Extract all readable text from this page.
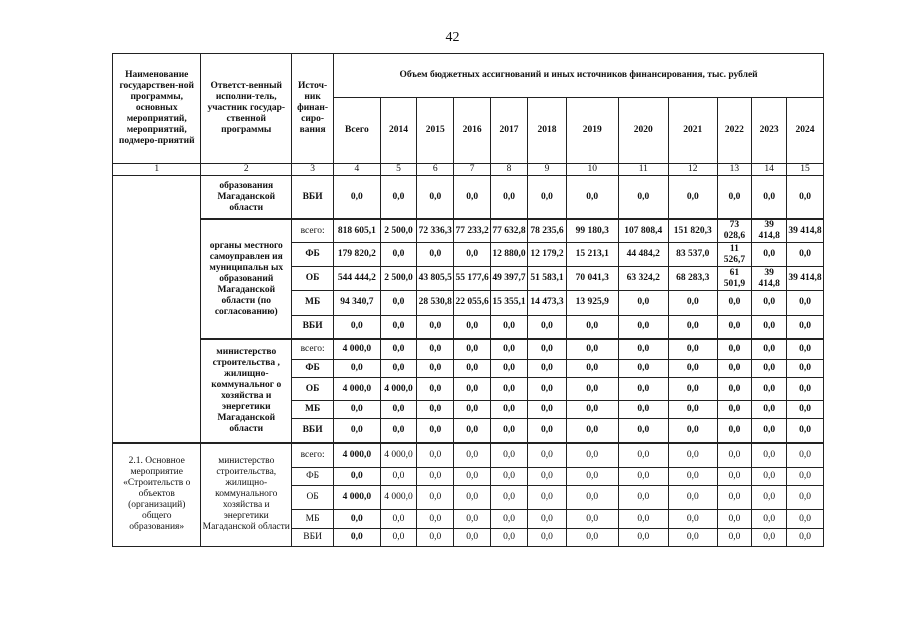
42
Наименование государствен-ной программы, основных мероприятий, мероприятий, подмеро-приятий	Ответст-венный исполни-тель, участник государ-ственной программы	Источ-ник финан-сиро-вания	Объем бюджетных ассигнований и иных источников финансирования, тыс. рублей											
			Всего	2014	2015	2016	2017	2018	2019	2020	2021	2022	2023	2024
1	2	3	4	5	6	7	8	9	10	11	12	13	14	15
	образования Магаданской области	ВБИ	0,0	0,0	0,0	0,0	0,0	0,0	0,0	0,0	0,0	0,0	0,0	0,0
	органы местного самоуправлен ия муниципальн ых образований Магаданской области (по согласованию)	всего:	818 605,1	2 500,0	72 336,3	77 233,2	77 632,8	78 235,6	99 180,3	107 808,4	151 820,3	73 028,6	39 414,8	39 414,8
		ФБ	179 820,2	0,0	0,0	0,0	12 880,0	12 179,2	15 213,1	44 484,2	83 537,0	11 526,7	0,0	0,0
		ОБ	544 444,2	2 500,0	43 805,5	55 177,6	49 397,7	51 583,1	70 041,3	63 324,2	68 283,3	61 501,9	39 414,8	39 414,8
		МБ	94 340,7	0,0	28 530,8	22 055,6	15 355,1	14 473,3	13 925,9	0,0	0,0	0,0	0,0	0,0
		ВБИ	0,0	0,0	0,0	0,0	0,0	0,0	0,0	0,0	0,0	0,0	0,0	0,0
	министерство строительства , жилищно-коммунальног о хозяйства и энергетики Магаданской области	всего:	4 000,0	0,0	0,0	0,0	0,0	0,0	0,0	0,0	0,0	0,0	0,0	0,0
		ФБ	0,0	0,0	0,0	0,0	0,0	0,0	0,0	0,0	0,0	0,0	0,0	0,0
		ОБ	4 000,0	4 000,0	0,0	0,0	0,0	0,0	0,0	0,0	0,0	0,0	0,0	0,0
		МБ	0,0	0,0	0,0	0,0	0,0	0,0	0,0	0,0	0,0	0,0	0,0	0,0
		ВБИ	0,0	0,0	0,0	0,0	0,0	0,0	0,0	0,0	0,0	0,0	0,0	0,0
2.1. Основное мероприятие «Строительств о объектов (организаций) общего образования»	министерство строительства, жилищно-коммунального хозяйства и энергетики Магаданской области	всего:	4 000,0	4 000,0	0,0	0,0	0,0	0,0	0,0	0,0	0,0	0,0	0,0	0,0
		ФБ	0,0	0,0	0,0	0,0	0,0	0,0	0,0	0,0	0,0	0,0	0,0	0,0
		ОБ	4 000,0	4 000,0	0,0	0,0	0,0	0,0	0,0	0,0	0,0	0,0	0,0	0,0
		МБ	0,0	0,0	0,0	0,0	0,0	0,0	0,0	0,0	0,0	0,0	0,0	0,0
		ВБИ	0,0	0,0	0,0	0,0	0,0	0,0	0,0	0,0	0,0	0,0	0,0	0,0
